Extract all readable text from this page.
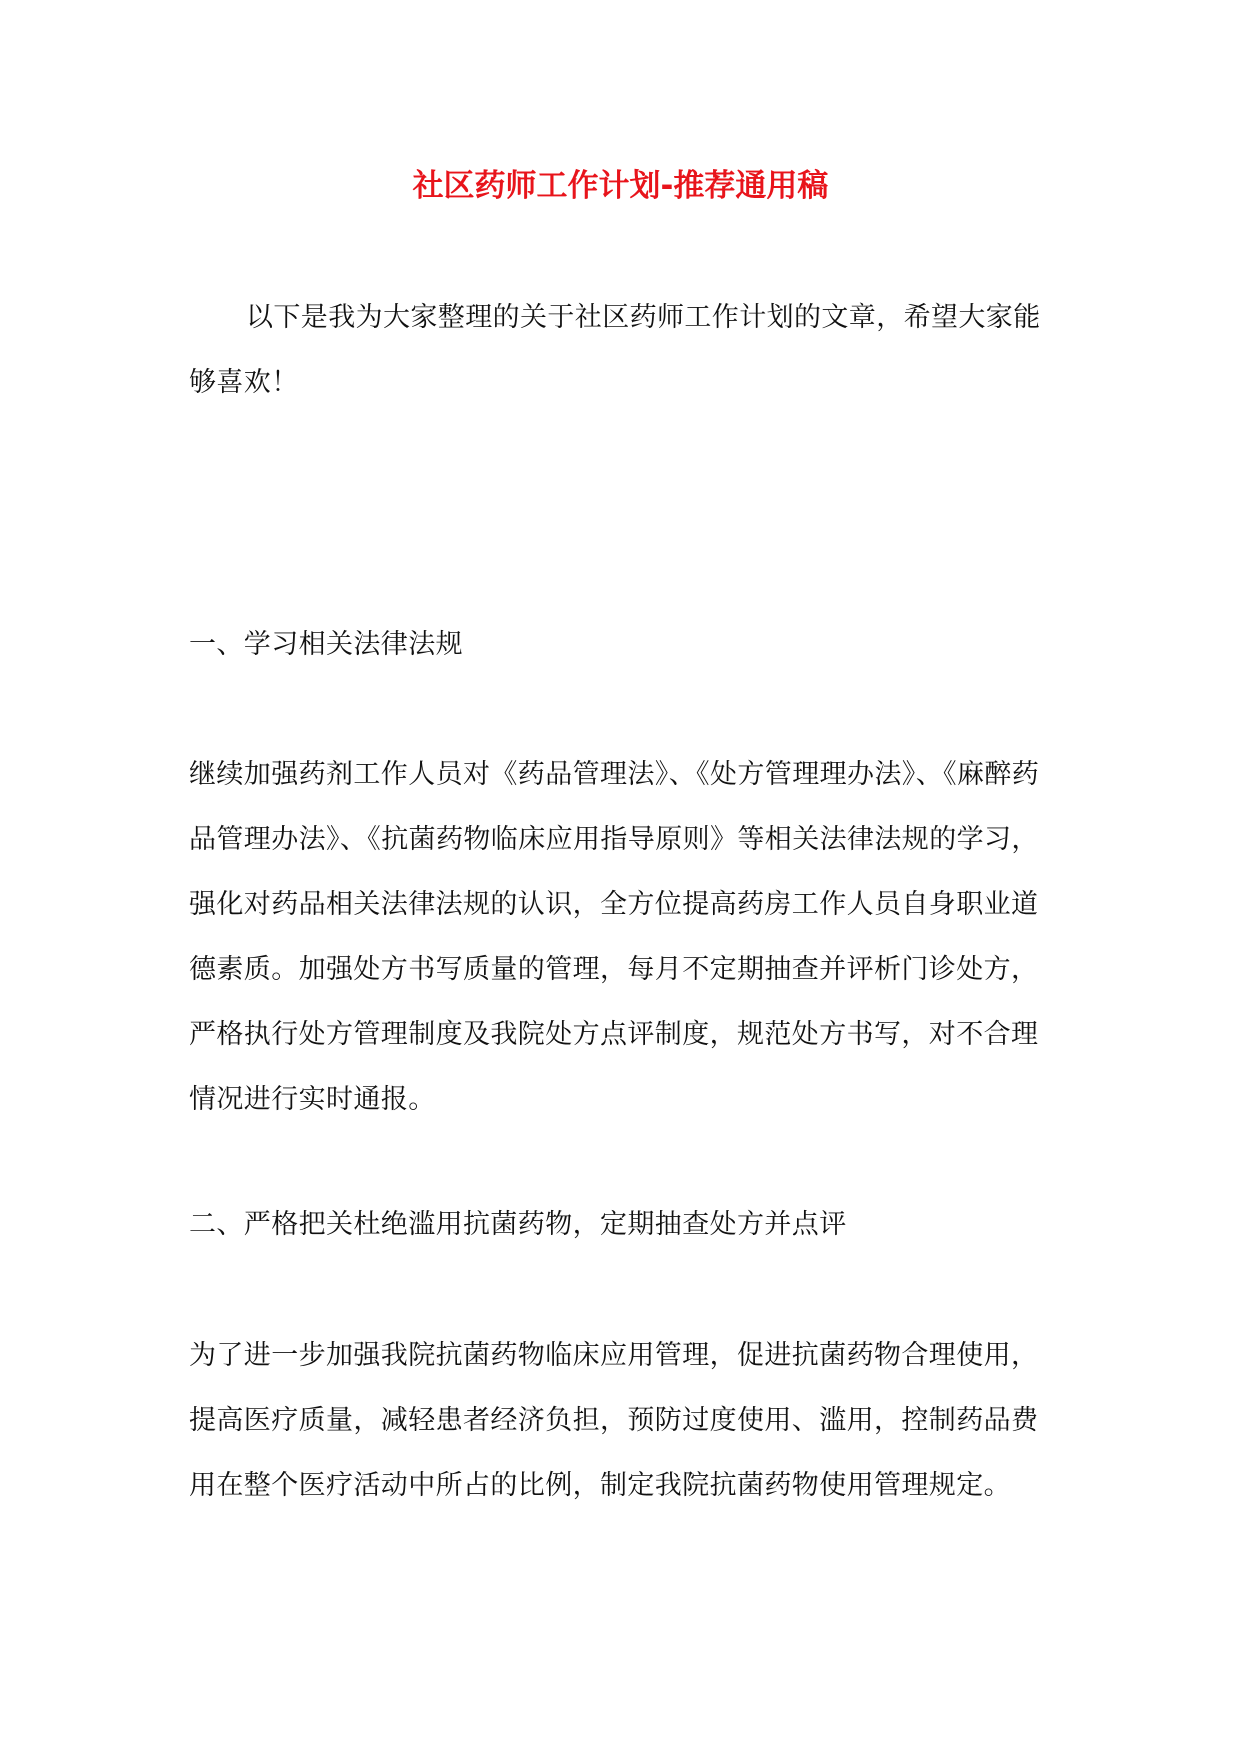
社区药师工作计划-推荐通用稿

以下是我为大家整理的关于社区药师工作计划的文章，希望大家能够喜欢！

一、学习相关法律法规

继续加强药剂工作人员对《药品管理法》、《处方管理理办法》、《麻醉药品管理办法》、《抗菌药物临床应用指导原则》等相关法律法规的学习，强化对药品相关法律法规的认识，全方位提高药房工作人员自身职业道德素质。加强处方书写质量的管理，每月不定期抽查并评析门诊处方，严格执行处方管理制度及我院处方点评制度，规范处方书写，对不合理情况进行实时通报。

二、严格把关杜绝滥用抗菌药物，定期抽查处方并点评

为了进一步加强我院抗菌药物临床应用管理，促进抗菌药物合理使用，提高医疗质量，减轻患者经济负担，预防过度使用、滥用，控制药品费用在整个医疗活动中所占的比例，制定我院抗菌药物使用管理规定。
